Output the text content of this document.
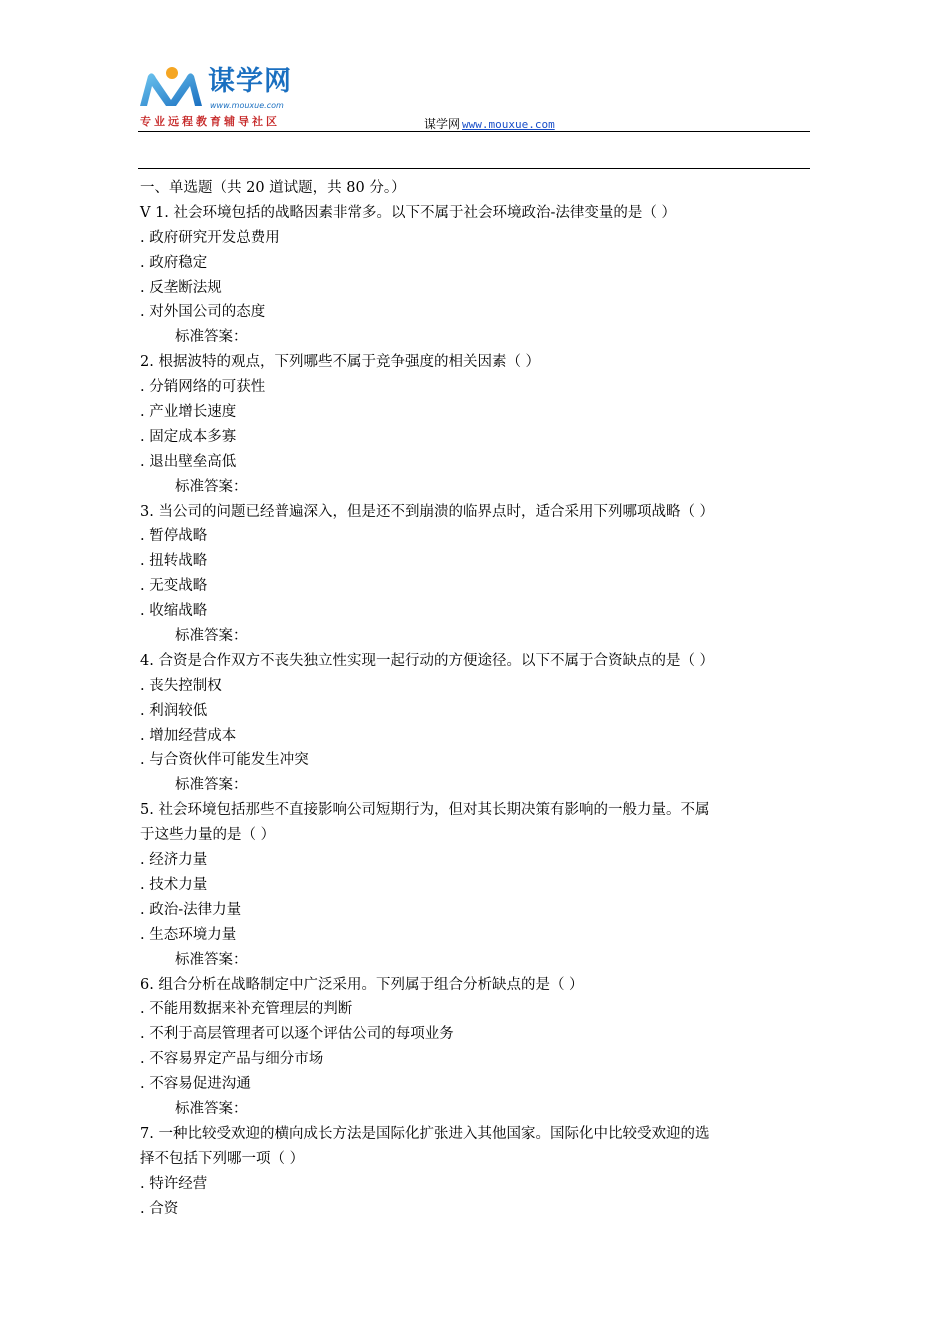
谋学网
www.mouxue.com
专业远程教育辅导社区	谋学网 www.mouxue.com
一、单选题（共 20 道试题，共 80 分。）
V 1. 社会环境包括的战略因素非常多。以下不属于社会环境政治-法律变量的是（ ）
. 政府研究开发总费用
. 政府稳定
. 反垄断法规
. 对外国公司的态度
标准答案：
2. 根据波特的观点，下列哪些不属于竞争强度的相关因素（ ）
. 分销网络的可获性
. 产业增长速度
. 固定成本多寡
. 退出壁垒高低
标准答案：
3. 当公司的问题已经普遍深入，但是还不到崩溃的临界点时，适合采用下列哪项战略（ ）
. 暂停战略
. 扭转战略
. 无变战略
. 收缩战略
标准答案：
4. 合资是合作双方不丧失独立性实现一起行动的方便途径。以下不属于合资缺点的是（ ）
. 丧失控制权
. 利润较低
. 增加经营成本
. 与合资伙伴可能发生冲突
标准答案：
5. 社会环境包括那些不直接影响公司短期行为，但对其长期决策有影响的一般力量。不属
于这些力量的是（ ）
. 经济力量
. 技术力量
. 政治-法律力量
. 生态环境力量
标准答案：
6. 组合分析在战略制定中广泛采用。下列属于组合分析缺点的是（ ）
. 不能用数据来补充管理层的判断
. 不利于高层管理者可以逐个评估公司的每项业务
. 不容易界定产品与细分市场
. 不容易促进沟通
标准答案：
7. 一种比较受欢迎的横向成长方法是国际化扩张进入其他国家。国际化中比较受欢迎的选
择不包括下列哪一项（ ）
. 特许经营
. 合资
